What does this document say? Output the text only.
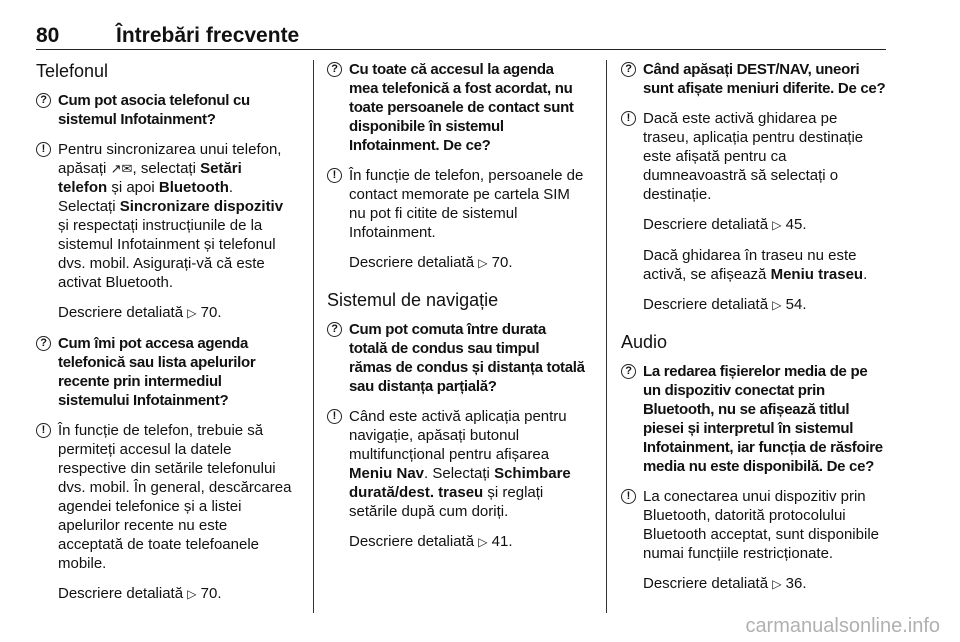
80	Întrebări frecvente
Telefonul
? Cum pot asocia telefonul cu sistemul Infotainment?
! Pentru sincronizarea unui telefon, apăsați ↗✉, selectați Setări telefon și apoi Bluetooth. Selectați Sincronizare dispozitiv și respectați instrucțiunile de la sistemul Infotainment și telefonul dvs. mobil. Asigurați-vă că este activat Bluetooth.
Descriere detaliată ▷ 70.
? Cum îmi pot accesa agenda telefonică sau lista apelurilor recente prin intermediul sistemului Infotainment?
! În funcție de telefon, trebuie să permiteți accesul la datele respective din setările telefonului dvs. mobil. În general, descărcarea agendei telefonice și a listei apelurilor recente nu este acceptată de toate telefoanele mobile.
Descriere detaliată ▷ 70.
? Cu toate că accesul la agenda mea telefonică a fost acordat, nu toate persoanele de contact sunt disponibile în sistemul Infotainment. De ce?
! În funcție de telefon, persoanele de contact memorate pe cartela SIM nu pot fi citite de sistemul Infotainment.
Descriere detaliată ▷ 70.
Sistemul de navigație
? Cum pot comuta între durata totală de condus sau timpul rămas de condus și distanța totală sau distanța parțială?
! Când este activă aplicația pentru navigație, apăsați butonul multifuncțional pentru afișarea Meniu Nav. Selectați Schimbare durată/dest. traseu și reglați setările după cum doriți.
Descriere detaliată ▷ 41.
? Când apăsați DEST/NAV, uneori sunt afișate meniuri diferite. De ce?
! Dacă este activă ghidarea pe traseu, aplicația pentru destinație este afișată pentru ca dumneavoastră să selectați o destinație.
Descriere detaliată ▷ 45.
Dacă ghidarea în traseu nu este activă, se afișează Meniu traseu.
Descriere detaliată ▷ 54.
Audio
? La redarea fișierelor media de pe un dispozitiv conectat prin Bluetooth, nu se afișează titlul piesei și interpretul în sistemul Infotainment, iar funcția de răsfoire media nu este disponibilă. De ce?
! La conectarea unui dispozitiv prin Bluetooth, datorită protocolului Bluetooth acceptat, sunt disponibile numai funcțiile restricționate.
Descriere detaliată ▷ 36.
carmanualsonline.info
